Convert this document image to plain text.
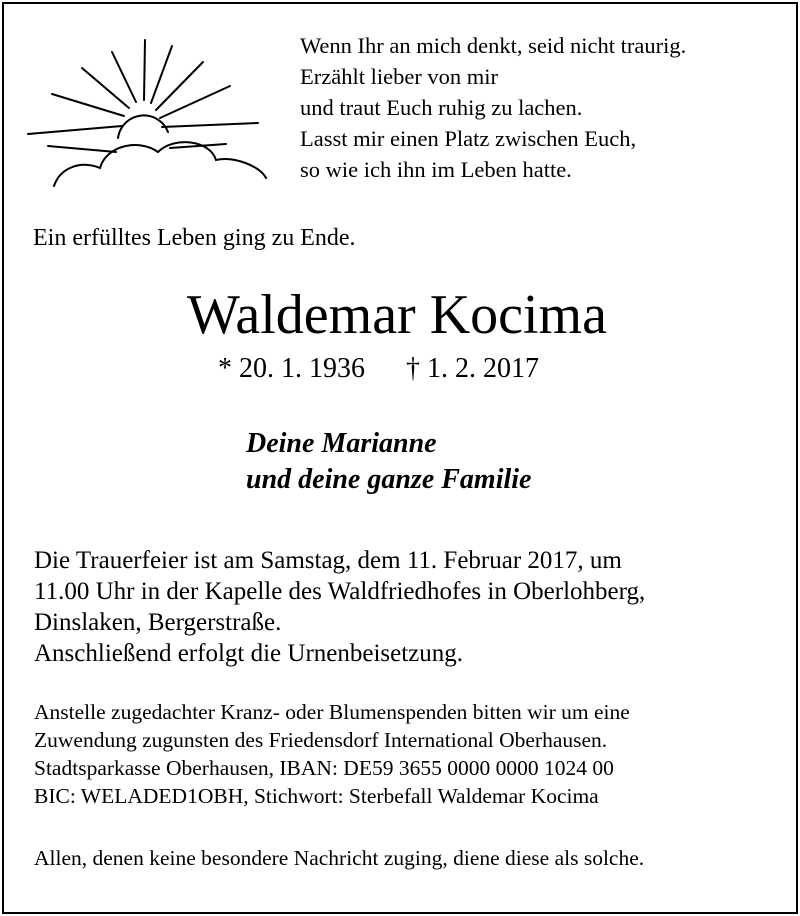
Wenn Ihr an mich denkt, seid nicht traurig.
Erzählt lieber von mir
und traut Euch ruhig zu lachen.
Lasst mir einen Platz zwischen Euch,
so wie ich ihn im Leben hatte.
Ein erfülltes Leben ging zu Ende.
Waldemar Kocima
* 20. 1. 1936 † 1. 2. 2017
Deine Marianne
und deine ganze Familie
Die Trauerfeier ist am Samstag, dem 11. Februar 2017, um
11.00 Uhr in der Kapelle des Waldfriedhofes in Oberlohberg,
Dinslaken, Bergerstraße.
Anschließend erfolgt die Urnenbeisetzung.
Anstelle zugedachter Kranz- oder Blumenspenden bitten wir um eine
Zuwendung zugunsten des Friedensdorf International Oberhausen.
Stadtsparkasse Oberhausen, IBAN: DE59 3655 0000 0000 1024 00
BIC: WELADED1OBH, Stichwort: Sterbefall Waldemar Kocima
Allen, denen keine besondere Nachricht zuging, diene diese als solche.
